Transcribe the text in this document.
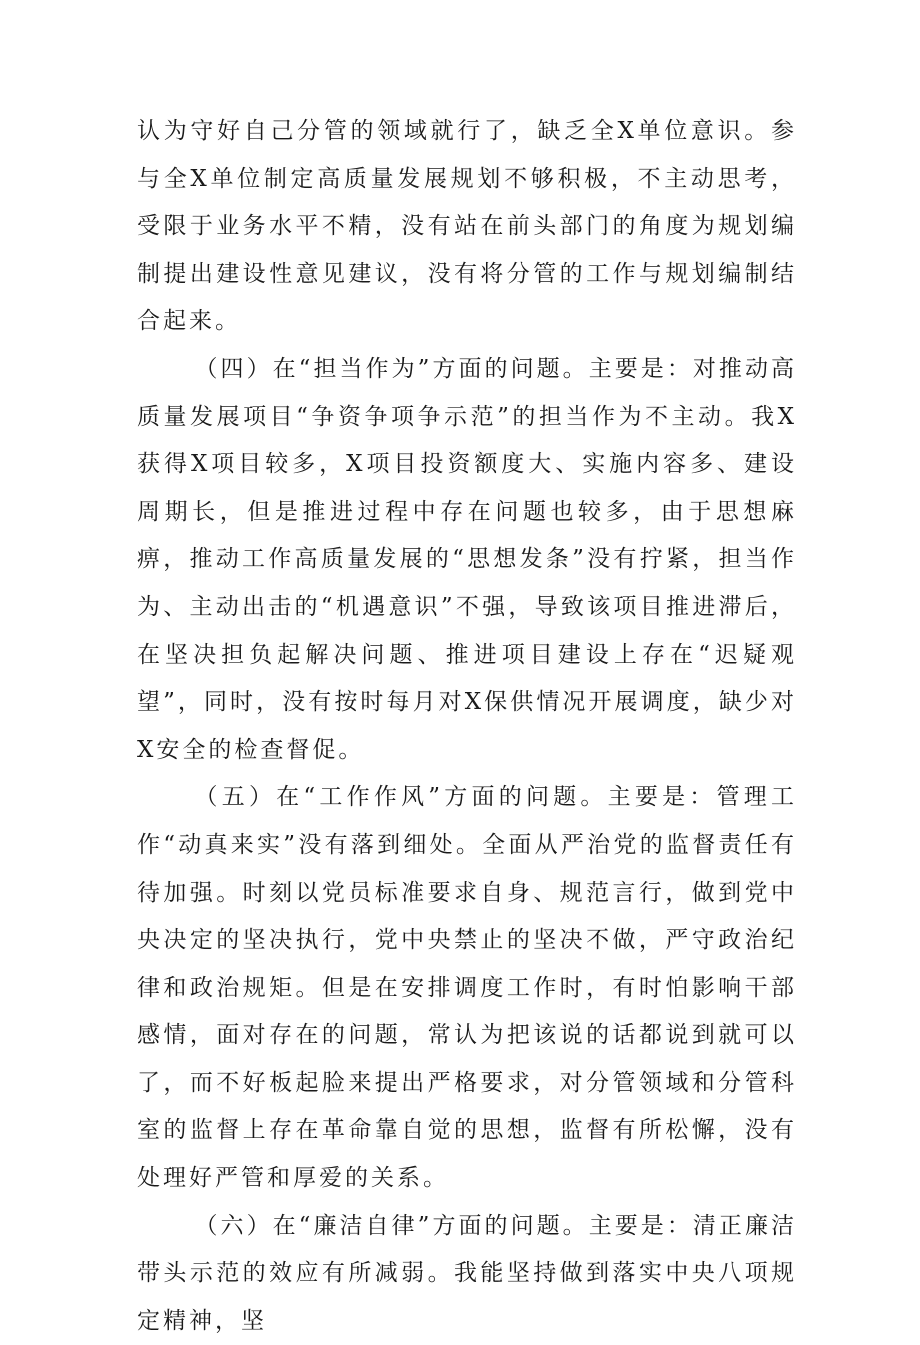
认为守好自己分管的领域就行了，缺乏全X单位意识。参与全X单位制定高质量发展规划不够积极，不主动思考，受限于业务水平不精，没有站在前头部门的角度为规划编制提出建设性意见建议，没有将分管的工作与规划编制结合起来。

（四）在“担当作为”方面的问题。主要是：对推动高质量发展项目“争资争项争示范”的担当作为不主动。我X获得X项目较多，X项目投资额度大、实施内容多、建设周期长，但是推进过程中存在问题也较多，由于思想麻痹，推动工作高质量发展的“思想发条”没有拧紧，担当作为、主动出击的“机遇意识”不强，导致该项目推进滞后，在坚决担负起解决问题、推进项目建设上存在“迟疑观望”，同时，没有按时每月对X保供情况开展调度，缺少对X安全的检查督促。

（五）在“工作作风”方面的问题。主要是：管理工作“动真来实”没有落到细处。全面从严治党的监督责任有待加强。时刻以党员标准要求自身、规范言行，做到党中央决定的坚决执行，党中央禁止的坚决不做，严守政治纪律和政治规矩。但是在安排调度工作时，有时怕影响干部感情，面对存在的问题，常认为把该说的话都说到就可以了，而不好板起脸来提出严格要求，对分管领域和分管科室的监督上存在革命靠自觉的思想，监督有所松懈，没有处理好严管和厚爱的关系。

（六）在“廉洁自律”方面的问题。主要是：清正廉洁带头示范的效应有所减弱。我能坚持做到落实中央八项规定精神，坚
